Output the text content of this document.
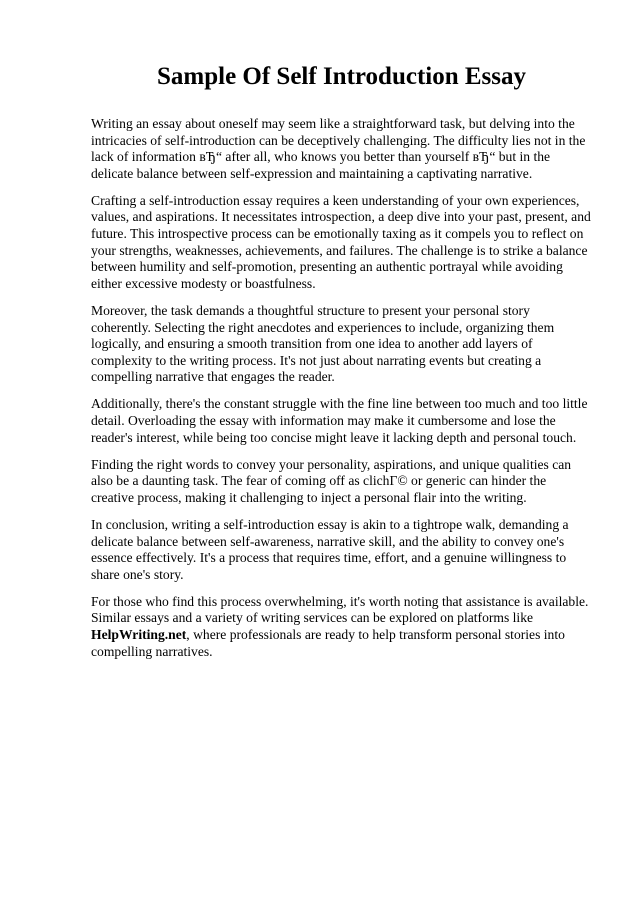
Sample Of Self Introduction Essay

Writing an essay about oneself may seem like a straightforward task, but delving into the intricacies of self-introduction can be deceptively challenging. The difficulty lies not in the lack of information вЂ“ after all, who knows you better than yourself вЂ“ but in the delicate balance between self-expression and maintaining a captivating narrative.

Crafting a self-introduction essay requires a keen understanding of your own experiences, values, and aspirations. It necessitates introspection, a deep dive into your past, present, and future. This introspective process can be emotionally taxing as it compels you to reflect on your strengths, weaknesses, achievements, and failures. The challenge is to strike a balance between humility and self-promotion, presenting an authentic portrayal while avoiding either excessive modesty or boastfulness.

Moreover, the task demands a thoughtful structure to present your personal story coherently. Selecting the right anecdotes and experiences to include, organizing them logically, and ensuring a smooth transition from one idea to another add layers of complexity to the writing process. It's not just about narrating events but creating a compelling narrative that engages the reader.

Additionally, there's the constant struggle with the fine line between too much and too little detail. Overloading the essay with information may make it cumbersome and lose the reader's interest, while being too concise might leave it lacking depth and personal touch.

Finding the right words to convey your personality, aspirations, and unique qualities can also be a daunting task. The fear of coming off as clichГ© or generic can hinder the creative process, making it challenging to inject a personal flair into the writing.

In conclusion, writing a self-introduction essay is akin to a tightrope walk, demanding a delicate balance between self-awareness, narrative skill, and the ability to convey one's essence effectively. It's a process that requires time, effort, and a genuine willingness to share one's story.

For those who find this process overwhelming, it's worth noting that assistance is available. Similar essays and a variety of writing services can be explored on platforms like HelpWriting.net, where professionals are ready to help transform personal stories into compelling narratives.
